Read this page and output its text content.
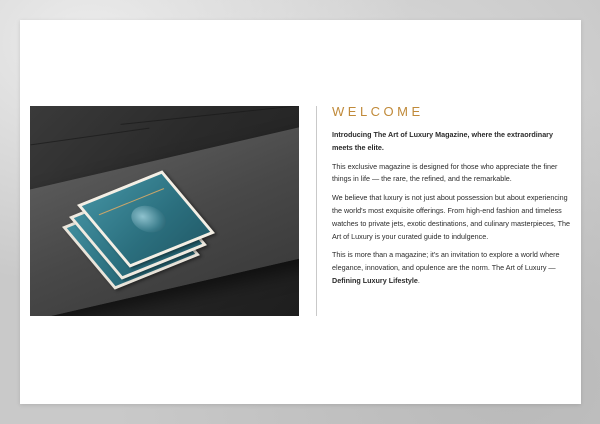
WELCOME

Introducing The Art of Luxury Magazine, where the extraordinary meets the elite.

This exclusive magazine is designed for those who appreciate the finer things in life — the rare, the refined, and the remarkable.

We believe that luxury is not just about possession but about experiencing the world's most exquisite offerings. From high-end fashion and timeless watches to private jets, exotic destinations, and culinary masterpieces, The Art of Luxury is your curated guide to indulgence.

This is more than a magazine; it's an invitation to explore a world where elegance, innovation, and opulence are the norm. The Art of Luxury — Defining Luxury Lifestyle.
